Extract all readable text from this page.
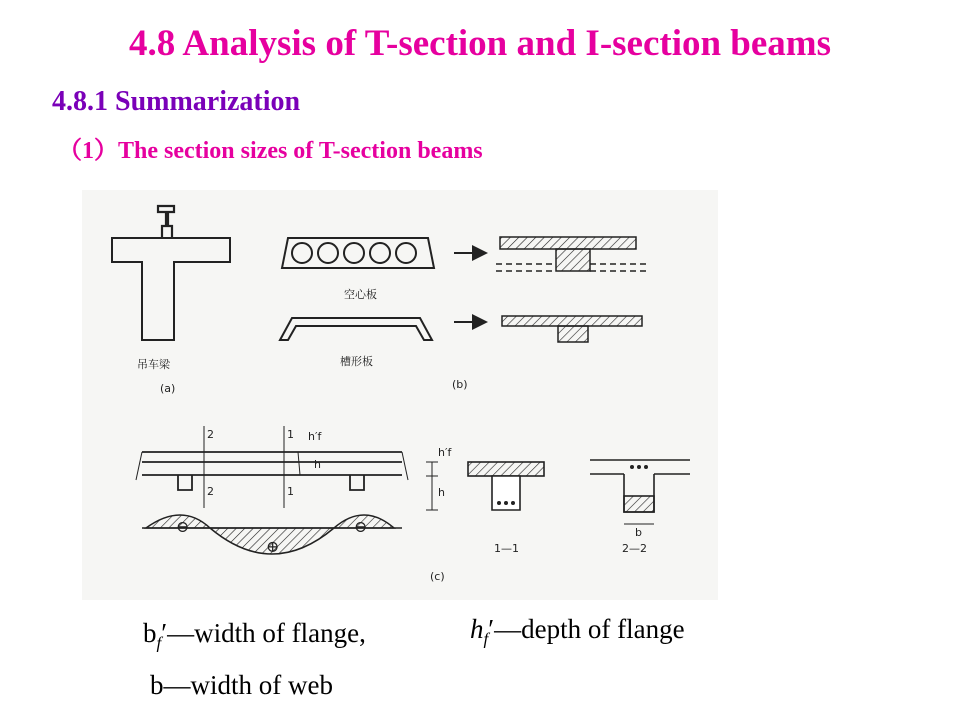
4.8 Analysis of T-section and I-section beams
4.8.1 Summarization
（1）The section sizes of T-section beams
吊车梁
(a)
空心板
槽形板
(b)
2	1
2	1
h′f
h
⊖	⊖
⊕
h′f
h
1—1
b
2—2
(c)
$b_f'—width$ of flange,	$h_f'—depth$ of flange
b—width of web
